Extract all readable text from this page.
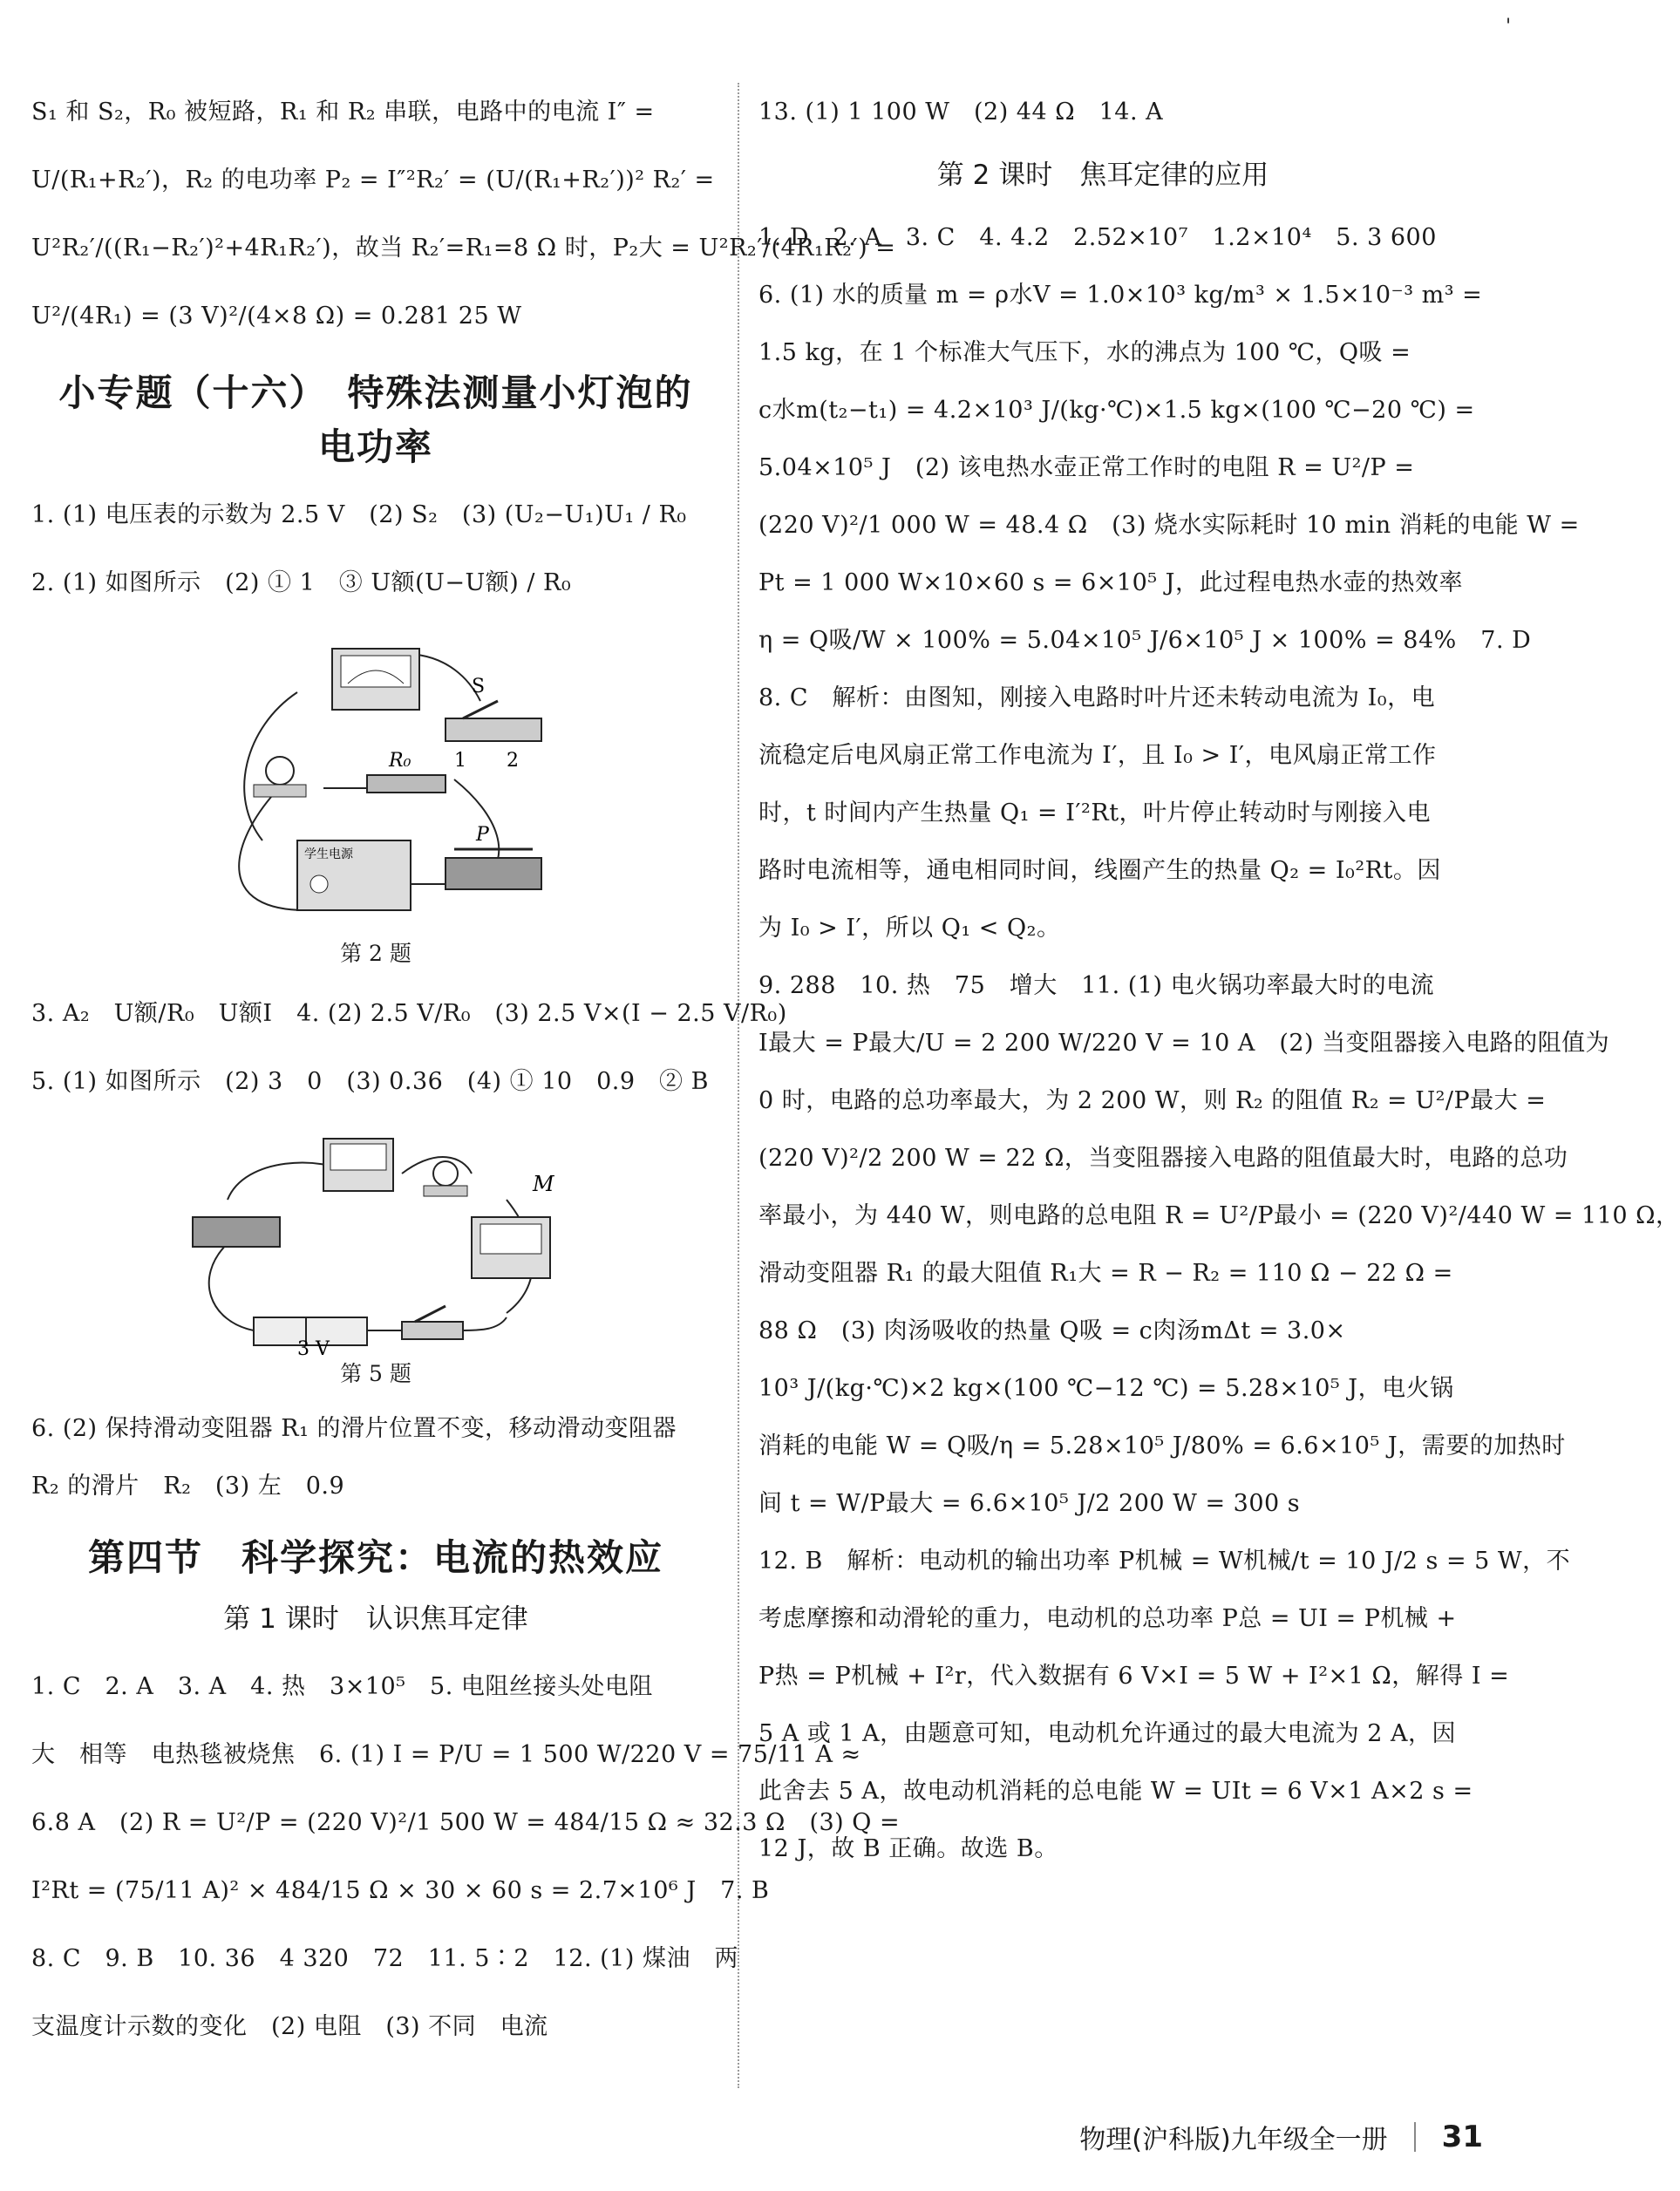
'
S₁ 和 S₂，R₀ 被短路，R₁ 和 R₂ 串联，电路中的电流 I″ =
U/(R₁+R₂′)，R₂ 的电功率 P₂ = I″²R₂′ = (U/(R₁+R₂′))² R₂′ =
U²R₂′/((R₁−R₂′)²+4R₁R₂′)，故当 R₂′=R₁=8 Ω 时，P₂大 = U²R₂′/(4R₁R₂′) =
U²/(4R₁) = (3 V)²/(4×8 Ω) = 0.281 25 W
小专题（十六）　特殊法测量小灯泡的
电功率
1. (1) 电压表的示数为 2.5 V　(2) S₂　(3) (U₂−U₁)U₁ / R₀
2. (1) 如图所示　(2) ① 1　③ U额(U−U额) / R₀
S
1 2
R₀
学生电源
P
第 2 题
3. A₂　U额/R₀　U额I　4. (2) 2.5 V/R₀　(3) 2.5 V×(I − 2.5 V/R₀)
5. (1) 如图所示　(2) 3　0　(3) 0.36　(4) ① 10　0.9　② B
M
3 V
第 5 题
6. (2) 保持滑动变阻器 R₁ 的滑片位置不变，移动滑动变阻器
R₂ 的滑片　R₂　(3) 左　0.9
第四节　科学探究：电流的热效应
第 1 课时　认识焦耳定律
1. C　2. A　3. A　4. 热　3×10⁵　5. 电阻丝接头处电阻
大　相等　电热毯被烧焦　6. (1) I = P/U = 1 500 W/220 V = 75/11 A ≈
6.8 A　(2) R = U²/P = (220 V)²/1 500 W = 484/15 Ω ≈ 32.3 Ω　(3) Q =
I²Rt = (75/11 A)² × 484/15 Ω × 30 × 60 s = 2.7×10⁶ J　7. B
8. C　9. B　10. 36　4 320　72　11. 5∶2　12. (1) 煤油　两
支温度计示数的变化　(2) 电阻　(3) 不同　电流
13. (1) 1 100 W　(2) 44 Ω　14. A
第 2 课时　焦耳定律的应用
1. D　2. A　3. C　4. 4.2　2.52×10⁷　1.2×10⁴　5. 3 600
6. (1) 水的质量 m = ρ水V = 1.0×10³ kg/m³ × 1.5×10⁻³ m³ =
1.5 kg，在 1 个标准大气压下，水的沸点为 100 ℃，Q吸 =
c水m(t₂−t₁) = 4.2×10³ J/(kg·℃)×1.5 kg×(100 ℃−20 ℃) =
5.04×10⁵ J　(2) 该电热水壶正常工作时的电阻 R = U²/P =
(220 V)²/1 000 W = 48.4 Ω　(3) 烧水实际耗时 10 min 消耗的电能 W =
Pt = 1 000 W×10×60 s = 6×10⁵ J，此过程电热水壶的热效率
η = Q吸/W × 100% = 5.04×10⁵ J/6×10⁵ J × 100% = 84%　7. D
8. C　解析：由图知，刚接入电路时叶片还未转动电流为 I₀，电
流稳定后电风扇正常工作电流为 I′，且 I₀ > I′，电风扇正常工作
时，t 时间内产生热量 Q₁ = I′²Rt，叶片停止转动时与刚接入电
路时电流相等，通电相同时间，线圈产生的热量 Q₂ = I₀²Rt。因
为 I₀ > I′，所以 Q₁ < Q₂。
9. 288　10. 热　75　增大　11. (1) 电火锅功率最大时的电流
I最大 = P最大/U = 2 200 W/220 V = 10 A　(2) 当变阻器接入电路的阻值为
0 时，电路的总功率最大，为 2 200 W，则 R₂ 的阻值 R₂ = U²/P最大 =
(220 V)²/2 200 W = 22 Ω，当变阻器接入电路的阻值最大时，电路的总功
率最小，为 440 W，则电路的总电阻 R = U²/P最小 = (220 V)²/440 W = 110 Ω，
滑动变阻器 R₁ 的最大阻值 R₁大 = R − R₂ = 110 Ω − 22 Ω =
88 Ω　(3) 肉汤吸收的热量 Q吸 = c肉汤mΔt = 3.0×
10³ J/(kg·℃)×2 kg×(100 ℃−12 ℃) = 5.28×10⁵ J，电火锅
消耗的电能 W = Q吸/η = 5.28×10⁵ J/80% = 6.6×10⁵ J，需要的加热时
间 t = W/P最大 = 6.6×10⁵ J/2 200 W = 300 s
12. B　解析：电动机的输出功率 P机械 = W机械/t = 10 J/2 s = 5 W，不
考虑摩擦和动滑轮的重力，电动机的总功率 P总 = UI = P机械 +
P热 = P机械 + I²r，代入数据有 6 V×I = 5 W + I²×1 Ω，解得 I =
5 A 或 1 A，由题意可知，电动机允许通过的最大电流为 2 A，因
此舍去 5 A，故电动机消耗的总电能 W = UIt = 6 V×1 A×2 s =
12 J，故 B 正确。故选 B。
物理(沪科版)九年级全一册 31
